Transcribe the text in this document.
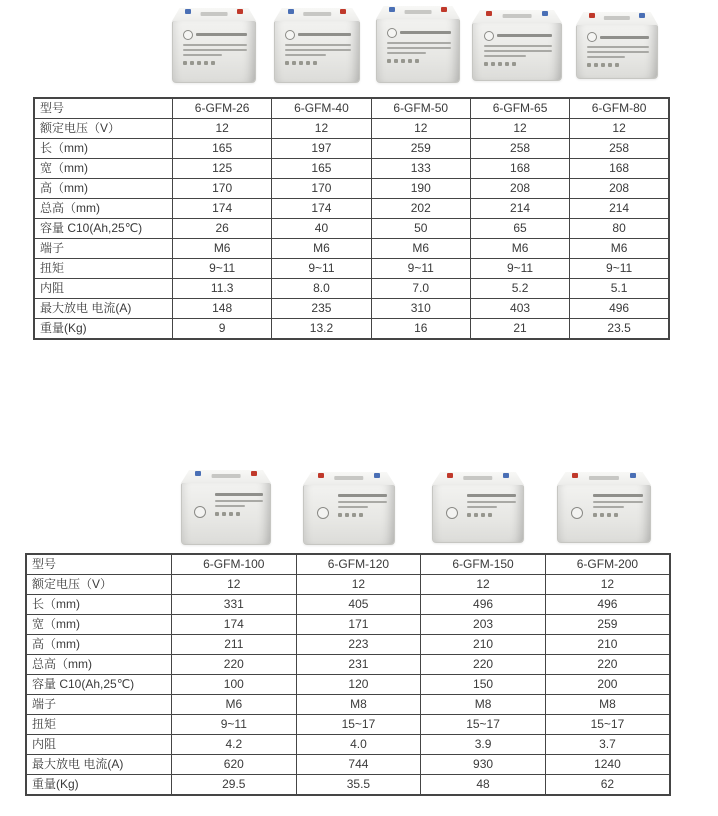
型号	6-GFM-26	6-GFM-40	6-GFM-50	6-GFM-65	6-GFM-80
额定电压（V）	12	12	12	12	12
长（mm)	165	197	259	258	258
宽（mm)	125	165	133	168	168
高（mm)	170	170	190	208	208
总高（mm)	174	174	202	214	214
容量 C10(Ah,25℃)	26	40	50	65	80
端子	M6	M6	M6	M6	M6
扭矩	9~11	9~11	9~11	9~11	9~11
内阻	11.3	8.0	7.0	5.2	5.1
最大放电 电流(A)	148	235	310	403	496
重量(Kg)	9	13.2	16	21	23.5
型号	6-GFM-100	6-GFM-120	6-GFM-150	6-GFM-200
额定电压（V）	12	12	12	12
长（mm)	331	405	496	496
宽（mm)	174	171	203	259
高（mm)	211	223	210	210
总高（mm)	220	231	220	220
容量 C10(Ah,25℃)	100	120	150	200
端子	M6	M8	M8	M8
扭矩	9~11	15~17	15~17	15~17
内阻	4.2	4.0	3.9	3.7
最大放电 电流(A)	620	744	930	1240
重量(Kg)	29.5	35.5	48	62
